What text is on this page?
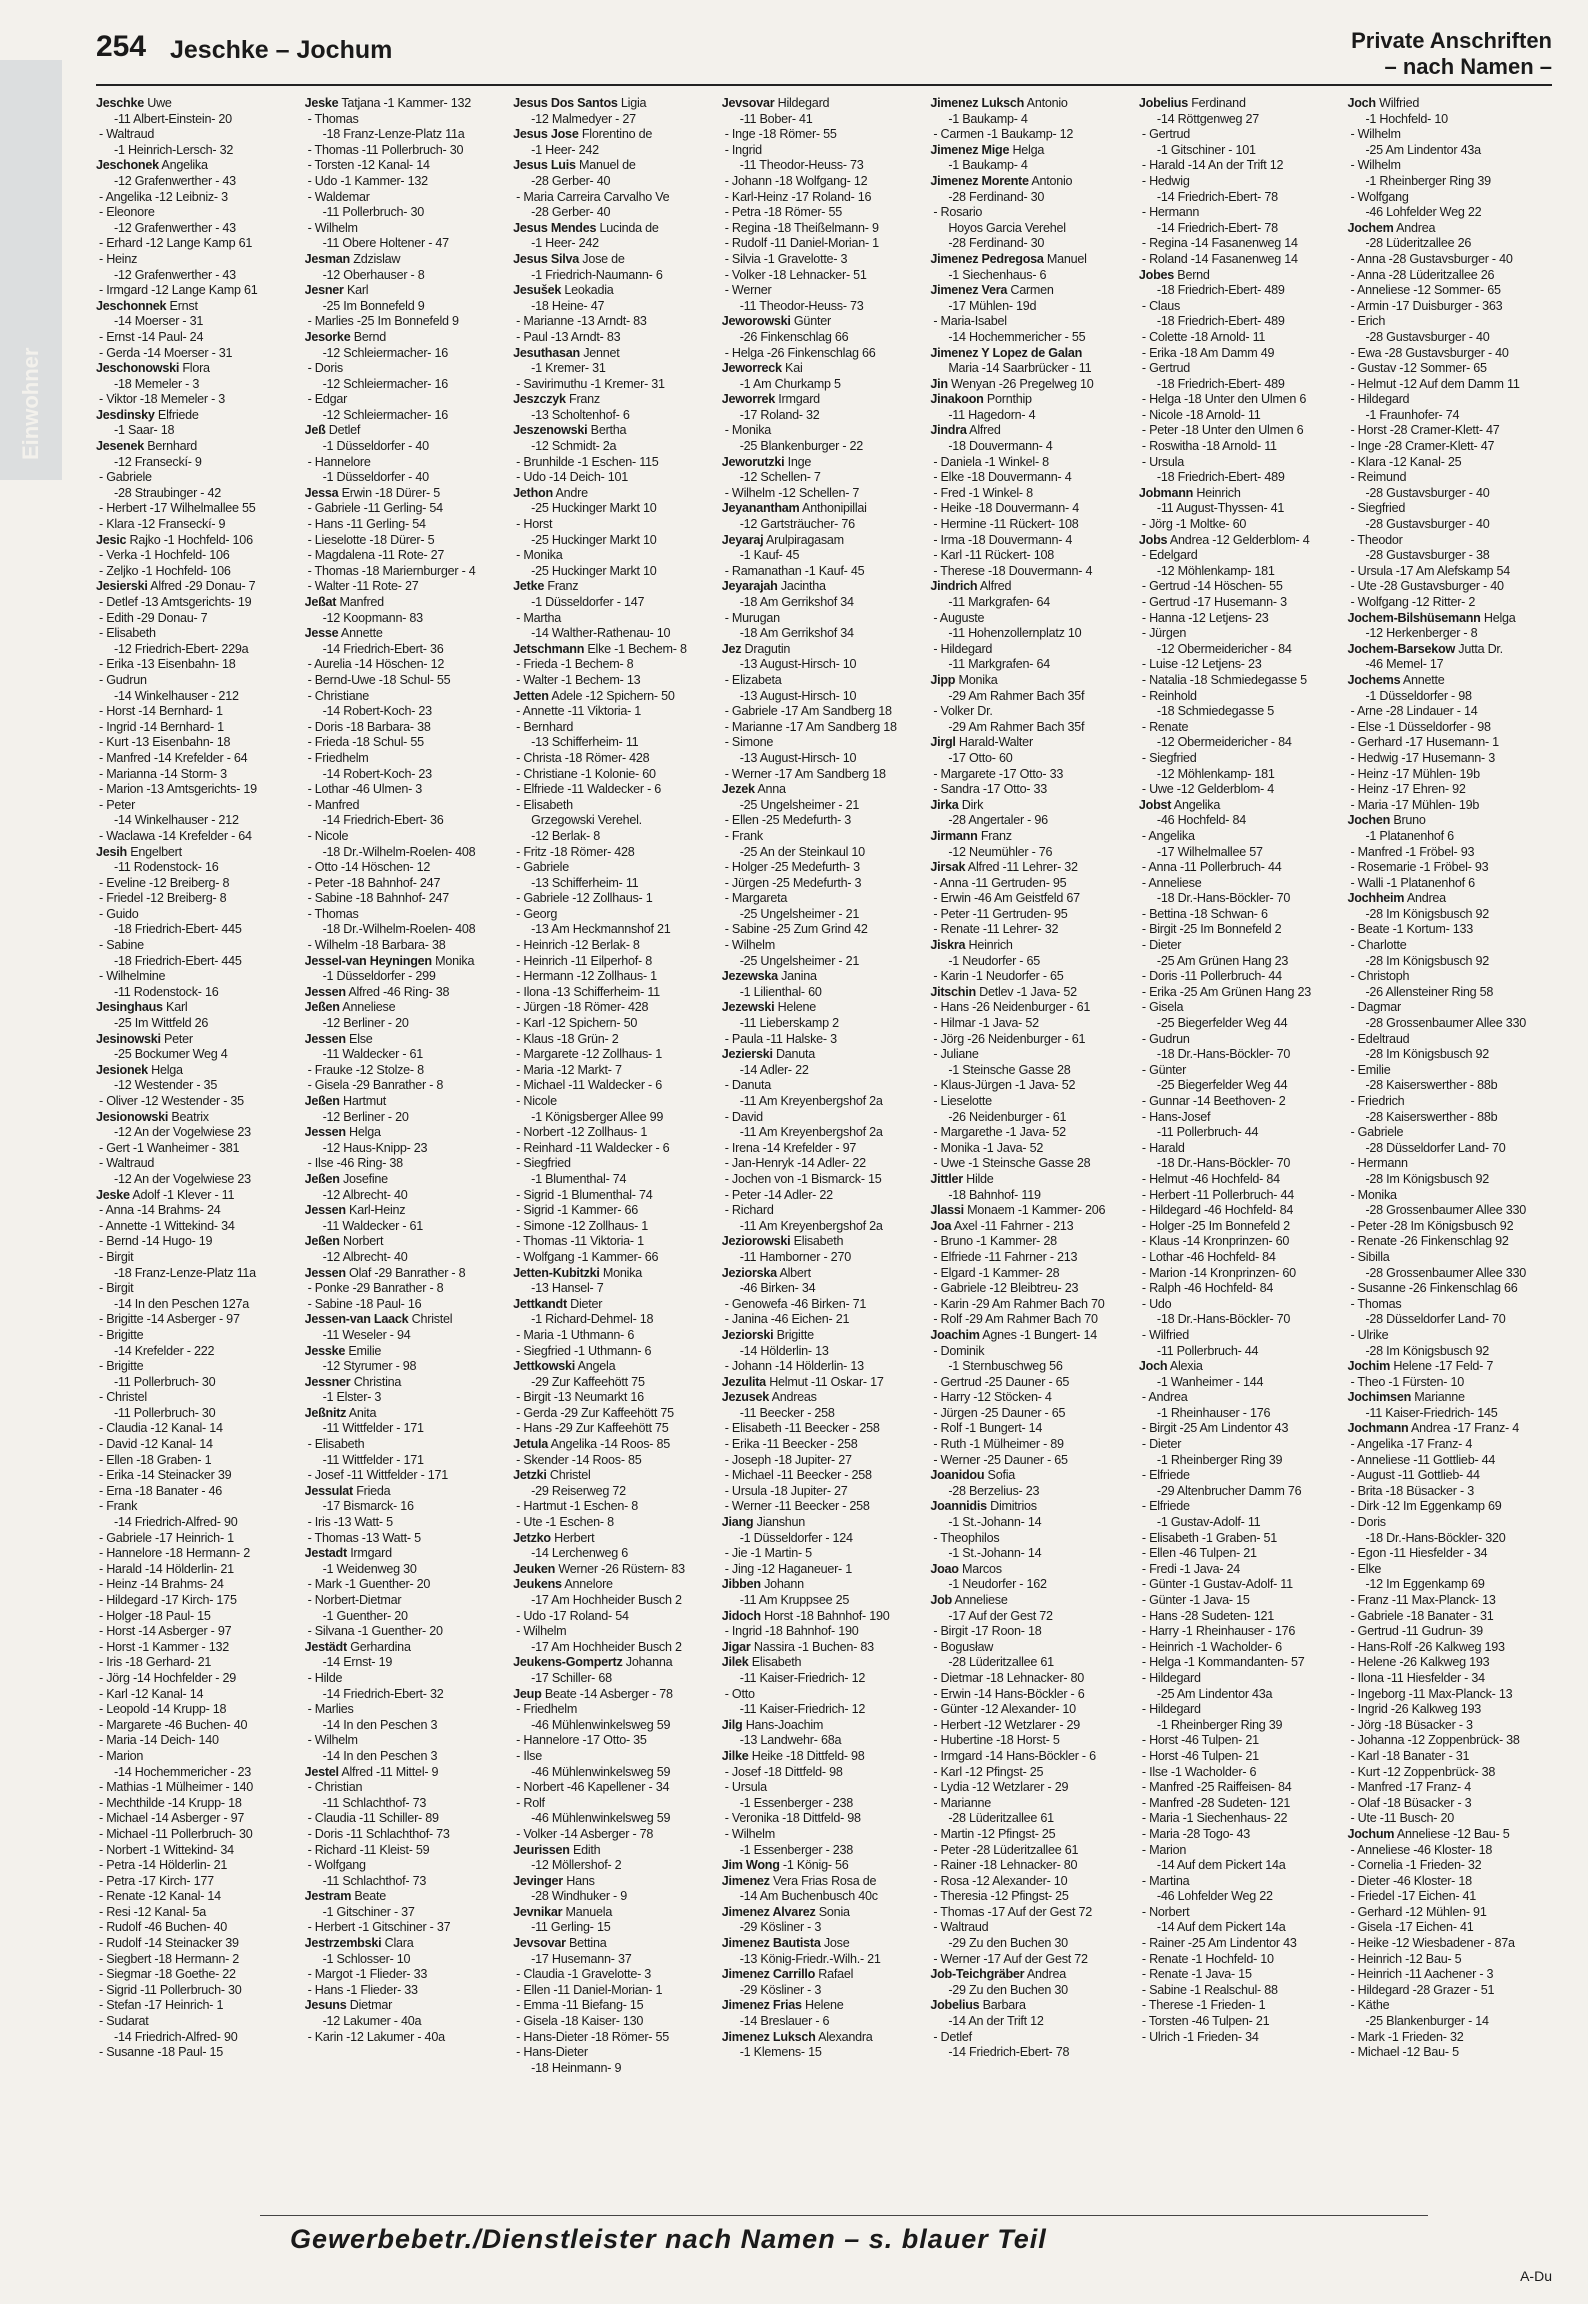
Einwohner
254 Jeschke – Jochum	Private Anschriften
– nach Namen –
Jeschke Uwe
-11 Albert-Einstein- 20
- Waltraud
-1 Heinrich-Lersch- 32
Jeschonek Angelika
-12 Grafenwerther - 43
- Angelika -12 Leibniz- 3
- Eleonore
-12 Grafenwerther - 43
- Erhard -12 Lange Kamp 61
- Heinz
-12 Grafenwerther - 43
- Irmgard -12 Lange Kamp 61
Jeschonnek Ernst
-14 Moerser - 31
- Ernst -14 Paul- 24
- Gerda -14 Moerser - 31
Jeschonowski Flora
-18 Memeler - 3
- Viktor -18 Memeler - 3
Jesdinsky Elfriede
-1 Saar- 18
Jesenek Bernhard
-12 Franseckí- 9
- Gabriele
-28 Straubinger - 42
- Herbert -17 Wilhelmallee 55
- Klara -12 Franseckí- 9
Jesic Rajko -1 Hochfeld- 106
- Verka -1 Hochfeld- 106
- Zeljko -1 Hochfeld- 106
Jesierski Alfred -29 Donau- 7
- Detlef -13 Amtsgerichts- 19
- Edith -29 Donau- 7
- Elisabeth
-12 Friedrich-Ebert- 229a
- Erika -13 Eisenbahn- 18
- Gudrun
-14 Winkelhauser - 212
- Horst -14 Bernhard- 1
- Ingrid -14 Bernhard- 1
- Kurt -13 Eisenbahn- 18
- Manfred -14 Krefelder - 64
- Marianna -14 Storm- 3
- Marion -13 Amtsgerichts- 19
- Peter
-14 Winkelhauser - 212
- Waclawa -14 Krefelder - 64
Jesih Engelbert
-11 Rodenstock- 16
- Eveline -12 Breiberg- 8
- Friedel -12 Breiberg- 8
- Guido
-18 Friedrich-Ebert- 445
- Sabine
-18 Friedrich-Ebert- 445
- Wilhelmine
-11 Rodenstock- 16
Jesinghaus Karl
-25 Im Wittfeld 26
Jesinowski Peter
-25 Bockumer Weg 4
Jesionek Helga
-12 Westender - 35
- Oliver -12 Westender - 35
Jesionowski Beatrix
-12 An der Vogelwiese 23
- Gert -1 Wanheimer - 381
- Waltraud
-12 An der Vogelwiese 23
Jeske Adolf -1 Klever - 11
- Anna -14 Brahms- 24
- Annette -1 Wittekind- 34
- Bernd -14 Hugo- 19
- Birgit
-18 Franz-Lenze-Platz 11a
- Birgit
-14 In den Peschen 127a
- Brigitte -14 Asberger - 97
- Brigitte
-14 Krefelder - 222
- Brigitte
-11 Pollerbruch- 30
- Christel
-11 Pollerbruch- 30
- Claudia -12 Kanal- 14
- David -12 Kanal- 14
- Ellen -18 Graben- 1
- Erika -14 Steinacker 39
- Erna -18 Banater - 46
- Frank
-14 Friedrich-Alfred- 90
- Gabriele -17 Heinrich- 1
- Hannelore -18 Hermann- 2
- Harald -14 Hölderlin- 21
- Heinz -14 Brahms- 24
- Hildegard -17 Kirch- 175
- Holger -18 Paul- 15
- Horst -14 Asberger - 97
- Horst -1 Kammer - 132
- Iris -18 Gerhard- 21
- Jörg -14 Hochfelder - 29
- Karl -12 Kanal- 14
- Leopold -14 Krupp- 18
- Margarete -46 Buchen- 40
- Maria -14 Deich- 140
- Marion
-14 Hochemmericher - 23
- Mathias -1 Mülheimer - 140
- Mechthilde -14 Krupp- 18
- Michael -14 Asberger - 97
- Michael -11 Pollerbruch- 30
- Norbert -1 Wittekind- 34
- Petra -14 Hölderlin- 21
- Petra -17 Kirch- 177
- Renate -12 Kanal- 14
- Resi -12 Kanal- 5a
- Rudolf -46 Buchen- 40
- Rudolf -14 Steinacker 39
- Siegbert -18 Hermann- 2
- Siegmar -18 Goethe- 22
- Sigrid -11 Pollerbruch- 30
- Stefan -17 Heinrich- 1
- Sudarat
-14 Friedrich-Alfred- 90
- Susanne -18 Paul- 15
Jeske Tatjana -1 Kammer- 132
- Thomas
-18 Franz-Lenze-Platz 11a
- Thomas -11 Pollerbruch- 30
- Torsten -12 Kanal- 14
- Udo -1 Kammer- 132
- Waldemar
-11 Pollerbruch- 30
- Wilhelm
-11 Obere Holtener - 47
Jesman Zdzislaw
-12 Oberhauser - 8
Jesner Karl
-25 Im Bonnefeld 9
- Marlies -25 Im Bonnefeld 9
Jesorke Bernd
-12 Schleiermacher- 16
- Doris
-12 Schleiermacher- 16
- Edgar
-12 Schleiermacher- 16
Jeß Detlef
-1 Düsseldorfer - 40
- Hannelore
-1 Düsseldorfer - 40
Jessa Erwin -18 Dürer- 5
- Gabriele -11 Gerling- 54
- Hans -11 Gerling- 54
- Lieselotte -18 Dürer- 5
- Magdalena -11 Rote- 27
- Thomas -18 Mariernburger - 4
- Walter -11 Rote- 27
Jeßat Manfred
-12 Koopmann- 83
Jesse Annette
-14 Friedrich-Ebert- 36
- Aurelia -14 Höschen- 12
- Bernd-Uwe -18 Schul- 55
- Christiane
-14 Robert-Koch- 23
- Doris -18 Barbara- 38
- Frieda -18 Schul- 55
- Friedhelm
-14 Robert-Koch- 23
- Lothar -46 Ulmen- 3
- Manfred
-14 Friedrich-Ebert- 36
- Nicole
-18 Dr.-Wilhelm-Roelen- 408
- Otto -14 Höschen- 12
- Peter -18 Bahnhof- 247
- Sabine -18 Bahnhof- 247
- Thomas
-18 Dr.-Wilhelm-Roelen- 408
- Wilhelm -18 Barbara- 38
Jessel-van Heyningen Monika
-1 Düsseldorfer - 299
Jessen Alfred -46 Ring- 38
Jeßen Anneliese
-12 Berliner - 20
Jessen Else
-11 Waldecker - 61
- Frauke -12 Stolze- 8
- Gisela -29 Banrather - 8
Jeßen Hartmut
-12 Berliner - 20
Jessen Helga
-12 Haus-Knipp- 23
- Ilse -46 Ring- 38
Jeßen Josefine
-12 Albrecht- 40
Jessen Karl-Heinz
-11 Waldecker - 61
Jeßen Norbert
-12 Albrecht- 40
Jessen Olaf -29 Banrather - 8
- Ponke -29 Banrather - 8
- Sabine -18 Paul- 16
Jessen-van Laack Christel
-11 Weseler - 94
Jesske Emilie
-12 Styrumer - 98
Jessner Christina
-1 Elster- 3
Jeßnitz Anita
-11 Wittfelder - 171
- Elisabeth
-11 Wittfelder - 171
- Josef -11 Wittfelder - 171
Jessulat Frieda
-17 Bismarck- 16
- Iris -13 Watt- 5
- Thomas -13 Watt- 5
Jestadt Irmgard
-1 Weidenweg 30
- Mark -1 Guenther- 20
- Norbert-Dietmar
-1 Guenther- 20
- Silvana -1 Guenther- 20
Jestädt Gerhardina
-14 Ernst- 19
- Hilde
-14 Friedrich-Ebert- 32
- Marlies
-14 In den Peschen 3
- Wilhelm
-14 In den Peschen 3
Jestel Alfred -11 Mittel- 9
- Christian
-11 Schlachthof- 73
- Claudia -11 Schiller- 89
- Doris -11 Schlachthof- 73
- Richard -11 Kleist- 59
- Wolfgang
-11 Schlachthof- 73
Jestram Beate
-1 Gitschiner - 37
- Herbert -1 Gitschiner - 37
Jestrzembski Clara
-1 Schlosser- 10
- Margot -1 Flieder- 33
- Hans -1 Flieder- 33
Jesuns Dietmar
-12 Lakumer - 40a
- Karin -12 Lakumer - 40a
Jesus Dos Santos Ligia
-12 Malmedyer - 27
Jesus Jose Florentino de
-1 Heer- 242
Jesus Luis Manuel de
-28 Gerber- 40
- Maria Carreira Carvalho Ve
-28 Gerber- 40
Jesus Mendes Lucinda de
-1 Heer- 242
Jesus Silva Jose de
-1 Friedrich-Naumann- 6
Jesušek Leokadia
-18 Heine- 47
- Marianne -13 Arndt- 83
- Paul -13 Arndt- 83
Jesuthasan Jennet
-1 Kremer- 31
- Savirimuthu -1 Kremer- 31
Jeszczyk Franz
-13 Scholtenhof- 6
Jeszenowski Bertha
-12 Schmidt- 2a
- Brunhilde -1 Eschen- 115
- Udo -14 Deich- 101
Jethon Andre
-25 Huckinger Markt 10
- Horst
-25 Huckinger Markt 10
- Monika
-25 Huckinger Markt 10
Jetke Franz
-1 Düsseldorfer - 147
- Martha
-14 Walther-Rathenau- 10
Jetschmann Elke -1 Bechem- 8
- Frieda -1 Bechem- 8
- Walter -1 Bechem- 13
Jetten Adele -12 Spichern- 50
- Annette -11 Viktoria- 1
- Bernhard
-13 Schifferheim- 11
- Christa -18 Römer- 428
- Christiane -1 Kolonie- 60
- Elfriede -11 Waldecker - 6
- Elisabeth
Grzegowski Verehel.
-12 Berlak- 8
- Fritz -18 Römer- 428
- Gabriele
-13 Schifferheim- 11
- Gabriele -12 Zollhaus- 1
- Georg
-13 Am Heckmannshof 21
- Heinrich -12 Berlak- 8
- Heinrich -11 Eilperhof- 8
- Hermann -12 Zollhaus- 1
- Ilona -13 Schifferheim- 11
- Jürgen -18 Römer- 428
- Karl -12 Spichern- 50
- Klaus -18 Grün- 2
- Margarete -12 Zollhaus- 1
- Maria -12 Markt- 7
- Michael -11 Waldecker - 6
- Nicole
-1 Königsberger Allee 99
- Norbert -12 Zollhaus- 1
- Reinhard -11 Waldecker - 6
- Siegfried
-1 Blumenthal- 74
- Sigrid -1 Blumenthal- 74
- Sigrid -1 Kammer- 66
- Simone -12 Zollhaus- 1
- Thomas -11 Viktoria- 1
- Wolfgang -1 Kammer- 66
Jetten-Kubitzki Monika
-13 Hansel- 7
Jettkandt Dieter
-1 Richard-Dehmel- 18
- Maria -1 Uthmann- 6
- Siegfried -1 Uthmann- 6
Jettkowski Angela
-29 Zur Kaffeehött 75
- Birgit -13 Neumarkt 16
- Gerda -29 Zur Kaffeehött 75
- Hans -29 Zur Kaffeehött 75
Jetula Angelika -14 Roos- 85
- Skender -14 Roos- 85
Jetzki Christel
-29 Reiserweg 72
- Hartmut -1 Eschen- 8
- Ute -1 Eschen- 8
Jetzko Herbert
-14 Lerchenweg 6
Jeuken Werner -26 Rüstern- 83
Jeukens Annelore
-17 Am Hochheider Busch 2
- Udo -17 Roland- 54
- Wilhelm
-17 Am Hochheider Busch 2
Jeukens-Gompertz Johanna
-17 Schiller- 68
Jeup Beate -14 Asberger - 78
- Friedhelm
-46 Mühlenwinkelsweg 59
- Hannelore -17 Otto- 35
- Ilse
-46 Mühlenwinkelsweg 59
- Norbert -46 Kapellener - 34
- Rolf
-46 Mühlenwinkelsweg 59
- Volker -14 Asberger - 78
Jeurissen Edith
-12 Möllershof- 2
Jevinger Hans
-28 Windhuker - 9
Jevnikar Manuela
-11 Gerling- 15
Jevsovar Bettina
-17 Husemann- 37
- Claudia -1 Gravelotte- 3
- Ellen -11 Daniel-Morian- 1
- Emma -11 Biefang- 15
- Gisela -18 Kaiser- 130
- Hans-Dieter -18 Römer- 55
- Hans-Dieter
-18 Heinmann- 9
Jevsovar Hildegard
-11 Bober- 41
- Inge -18 Römer- 55
- Ingrid
-11 Theodor-Heuss- 73
- Johann -18 Wolfgang- 12
- Karl-Heinz -17 Roland- 16
- Petra -18 Römer- 55
- Regina -18 Theißelmann- 9
- Rudolf -11 Daniel-Morian- 1
- Silvia -1 Gravelotte- 3
- Volker -18 Lehnacker- 51
- Werner
-11 Theodor-Heuss- 73
Jeworowski Günter
-26 Finkenschlag 66
- Helga -26 Finkenschlag 66
Jeworreck Kai
-1 Am Churkamp 5
Jeworrek Irmgard
-17 Roland- 32
- Monika
-25 Blankenburger - 22
Jeworutzki Inge
-12 Schellen- 7
- Wilhelm -12 Schellen- 7
Jeyanantham Anthonipillai
-12 Gartsträucher- 76
Jeyaraj Arulpiragasam
-1 Kauf- 45
- Ramanathan -1 Kauf- 45
Jeyarajah Jacintha
-18 Am Gerrikshof 34
- Murugan
-18 Am Gerrikshof 34
Jez Dragutin
-13 August-Hirsch- 10
- Elizabeta
-13 August-Hirsch- 10
- Gabriele -17 Am Sandberg 18
- Marianne -17 Am Sandberg 18
- Simone
-13 August-Hirsch- 10
- Werner -17 Am Sandberg 18
Jezek Anna
-25 Ungelsheimer - 21
- Ellen -25 Medefurth- 3
- Frank
-25 An der Steinkaul 10
- Holger -25 Medefurth- 3
- Jürgen -25 Medefurth- 3
- Margareta
-25 Ungelsheimer - 21
- Sabine -25 Zum Grind 42
- Wilhelm
-25 Ungelsheimer - 21
Jezewska Janina
-1 Lilienthal- 60
Jezewski Helene
-11 Lieberskamp 2
- Paula -11 Halske- 3
Jezierski Danuta
-14 Adler- 22
- Danuta
-11 Am Kreyenbergshof 2a
- David
-11 Am Kreyenbergshof 2a
- Irena -14 Krefelder - 97
- Jan-Henryk -14 Adler- 22
- Jochen von -1 Bismarck- 15
- Peter -14 Adler- 22
- Richard
-11 Am Kreyenbergshof 2a
Jeziorowski Elisabeth
-11 Hamborner - 270
Jeziorska Albert
-46 Birken- 34
- Genowefa -46 Birken- 71
- Janina -46 Eichen- 21
Jeziorski Brigitte
-14 Hölderlin- 13
- Johann -14 Hölderlin- 13
Jezulita Helmut -11 Oskar- 17
Jezusek Andreas
-11 Beecker - 258
- Elisabeth -11 Beecker - 258
- Erika -11 Beecker - 258
- Joseph -18 Jupiter- 27
- Michael -11 Beecker - 258
- Ursula -18 Jupiter- 27
- Werner -11 Beecker - 258
Jiang Jianshun
-1 Düsseldorfer - 124
- Jie -1 Martin- 5
- Jing -12 Haganeuer- 1
Jibben Johann
-11 Am Kruppsee 25
Jidoch Horst -18 Bahnhof- 190
- Ingrid -18 Bahnhof- 190
Jigar Nassira -1 Buchen- 83
Jilek Elisabeth
-11 Kaiser-Friedrich- 12
- Otto
-11 Kaiser-Friedrich- 12
Jilg Hans-Joachim
-13 Landwehr- 68a
Jilke Heike -18 Dittfeld- 98
- Josef -18 Dittfeld- 98
- Ursula
-1 Essenberger - 238
- Veronika -18 Dittfeld- 98
- Wilhelm
-1 Essenberger - 238
Jim Wong -1 König- 56
Jimenez Vera Frias Rosa de
-14 Am Buchenbusch 40c
Jimenez Alvarez Sonia
-29 Kösliner - 3
Jimenez Bautista Jose
-13 König-Friedr.-Wilh.- 21
Jimenez Carrillo Rafael
-29 Kösliner - 3
Jimenez Frias Helene
-14 Breslauer - 6
Jimenez Luksch Alexandra
-1 Klemens- 15
Jimenez Luksch Antonio
-1 Baukamp- 4
- Carmen -1 Baukamp- 12
Jimenez Mige Helga
-1 Baukamp- 4
Jimenez Morente Antonio
-28 Ferdinand- 30
- Rosario
Hoyos Garcia Verehel
-28 Ferdinand- 30
Jimenez Pedregosa Manuel
-1 Siechenhaus- 6
Jimenez Vera Carmen
-17 Mühlen- 19d
- Maria-Isabel
-14 Hochemmericher - 55
Jimenez Y Lopez de Galan
Maria -14 Saarbrücker - 11
Jin Wenyan -26 Pregelweg 10
Jinakoon Pornthip
-11 Hagedorn- 4
Jindra Alfred
-18 Douvermann- 4
- Daniela -1 Winkel- 8
- Elke -18 Douvermann- 4
- Fred -1 Winkel- 8
- Heike -18 Douvermann- 4
- Hermine -11 Rückert- 108
- Irma -18 Douvermann- 4
- Karl -11 Rückert- 108
- Therese -18 Douvermann- 4
Jindrich Alfred
-11 Markgrafen- 64
- Auguste
-11 Hohenzollernplatz 10
- Hildegard
-11 Markgrafen- 64
Jipp Monika
-29 Am Rahmer Bach 35f
- Volker Dr.
-29 Am Rahmer Bach 35f
Jirgl Harald-Walter
-17 Otto- 60
- Margarete -17 Otto- 33
- Sandra -17 Otto- 33
Jirka Dirk
-28 Angertaler - 96
Jirmann Franz
-12 Neumühler - 76
Jirsak Alfred -11 Lehrer- 32
- Anna -11 Gertruden- 95
- Erwin -46 Am Geistfeld 67
- Peter -11 Gertruden- 95
- Renate -11 Lehrer- 32
Jiskra Heinrich
-1 Neudorfer - 65
- Karin -1 Neudorfer - 65
Jitschin Detlev -1 Java- 52
- Hans -26 Neidenburger - 61
- Hilmar -1 Java- 52
- Jörg -26 Neidenburger - 61
- Juliane
-1 Steinsche Gasse 28
- Klaus-Jürgen -1 Java- 52
- Lieselotte
-26 Neidenburger - 61
- Margarethe -1 Java- 52
- Monika -1 Java- 52
- Uwe -1 Steinsche Gasse 28
Jittler Hilde
-18 Bahnhof- 119
Jlassi Monaem -1 Kammer- 206
Joa Axel -11 Fahrner - 213
- Bruno -1 Kammer- 28
- Elfriede -11 Fahrner - 213
- Elgard -1 Kammer- 28
- Gabriele -12 Bleibtreu- 23
- Karin -29 Am Rahmer Bach 70
- Rolf -29 Am Rahmer Bach 70
Joachim Agnes -1 Bungert- 14
- Dominik
-1 Sternbuschweg 56
- Gertrud -25 Dauner - 65
- Harry -12 Stöcken- 4
- Jürgen -25 Dauner - 65
- Rolf -1 Bungert- 14
- Ruth -1 Mülheimer - 89
- Werner -25 Dauner - 65
Joanidou Sofia
-28 Berzelius- 23
Joannidis Dimitrios
-1 St.-Johann- 14
- Theophilos
-1 St.-Johann- 14
Joao Marcos
-1 Neudorfer - 162
Job Anneliese
-17 Auf der Gest 72
- Birgit -17 Roon- 18
- Bogusław
-28 Lüderitzallee 61
- Dietmar -18 Lehnacker- 80
- Erwin -14 Hans-Böckler - 6
- Günter -12 Alexander- 10
- Herbert -12 Wetzlarer - 29
- Hubertine -18 Horst- 5
- Irmgard -14 Hans-Böckler - 6
- Karl -12 Pfingst- 25
- Lydia -12 Wetzlarer - 29
- Marianne
-28 Lüderitzallee 61
- Martin -12 Pfingst- 25
- Peter -28 Lüderitzallee 61
- Rainer -18 Lehnacker- 80
- Rosa -12 Alexander- 10
- Theresia -12 Pfingst- 25
- Thomas -17 Auf der Gest 72
- Waltraud
-29 Zu den Buchen 30
- Werner -17 Auf der Gest 72
Job-Teichgräber Andrea
-29 Zu den Buchen 30
Jobelius Barbara
-14 An der Trift 12
- Detlef
-14 Friedrich-Ebert- 78
Jobelius Ferdinand
-14 Röttgenweg 27
- Gertrud
-1 Gitschiner - 101
- Harald -14 An der Trift 12
- Hedwig
-14 Friedrich-Ebert- 78
- Hermann
-14 Friedrich-Ebert- 78
- Regina -14 Fasanenweg 14
- Roland -14 Fasanenweg 14
Jobes Bernd
-18 Friedrich-Ebert- 489
- Claus
-18 Friedrich-Ebert- 489
- Colette -18 Arnold- 11
- Erika -18 Am Damm 49
- Gertrud
-18 Friedrich-Ebert- 489
- Helga -18 Unter den Ulmen 6
- Nicole -18 Arnold- 11
- Peter -18 Unter den Ulmen 6
- Roswitha -18 Arnold- 11
- Ursula
-18 Friedrich-Ebert- 489
Jobmann Heinrich
-11 August-Thyssen- 41
- Jörg -1 Moltke- 60
Jobs Andrea -12 Gelderblom- 4
- Edelgard
-12 Möhlenkamp- 181
- Gertrud -14 Höschen- 55
- Gertrud -17 Husemann- 3
- Hanna -12 Letjens- 23
- Jürgen
-12 Obermeidericher - 84
- Luise -12 Letjens- 23
- Natalia -18 Schmiedegasse 5
- Reinhold
-18 Schmiedegasse 5
- Renate
-12 Obermeidericher - 84
- Siegfried
-12 Möhlenkamp- 181
- Uwe -12 Gelderblom- 4
Jobst Angelika
-46 Hochfeld- 84
- Angelika
-17 Wilhelmallee 57
- Anna -11 Pollerbruch- 44
- Anneliese
-18 Dr.-Hans-Böckler- 70
- Bettina -18 Schwan- 6
- Birgit -25 Im Bonnefeld 2
- Dieter
-25 Am Grünen Hang 23
- Doris -11 Pollerbruch- 44
- Erika -25 Am Grünen Hang 23
- Gisela
-25 Biegerfelder Weg 44
- Gudrun
-18 Dr.-Hans-Böckler- 70
- Günter
-25 Biegerfelder Weg 44
- Gunnar -14 Beethoven- 2
- Hans-Josef
-11 Pollerbruch- 44
- Harald
-18 Dr.-Hans-Böckler- 70
- Helmut -46 Hochfeld- 84
- Herbert -11 Pollerbruch- 44
- Hildegard -46 Hochfeld- 84
- Holger -25 Im Bonnefeld 2
- Klaus -14 Kronprinzen- 60
- Lothar -46 Hochfeld- 84
- Marion -14 Kronprinzen- 60
- Ralph -46 Hochfeld- 84
- Udo
-18 Dr.-Hans-Böckler- 70
- Wilfried
-11 Pollerbruch- 44
Joch Alexia
-1 Wanheimer - 144
- Andrea
-1 Rheinhauser - 176
- Birgit -25 Am Lindentor 43
- Dieter
-1 Rheinberger Ring 39
- Elfriede
-29 Altenbrucher Damm 76
- Elfriede
-1 Gustav-Adolf- 11
- Elisabeth -1 Graben- 51
- Ellen -46 Tulpen- 21
- Fredi -1 Java- 24
- Günter -1 Gustav-Adolf- 11
- Günter -1 Java- 15
- Hans -28 Sudeten- 121
- Harry -1 Rheinhauser - 176
- Heinrich -1 Wacholder- 6
- Helga -1 Kommandanten- 57
- Hildegard
-25 Am Lindentor 43a
- Hildegard
-1 Rheinberger Ring 39
- Horst -46 Tulpen- 21
- Horst -46 Tulpen- 21
- Ilse -1 Wacholder- 6
- Manfred -25 Raiffeisen- 84
- Manfred -28 Sudeten- 121
- Maria -1 Siechenhaus- 22
- Maria -28 Togo- 43
- Marion
-14 Auf dem Pickert 14a
- Martina
-46 Lohfelder Weg 22
- Norbert
-14 Auf dem Pickert 14a
- Rainer -25 Am Lindentor 43
- Renate -1 Hochfeld- 10
- Renate -1 Java- 15
- Sabine -1 Realschul- 88
- Therese -1 Frieden- 1
- Torsten -46 Tulpen- 21
- Ulrich -1 Frieden- 34
Joch Wilfried
-1 Hochfeld- 10
- Wilhelm
-25 Am Lindentor 43a
- Wilhelm
-1 Rheinberger Ring 39
- Wolfgang
-46 Lohfelder Weg 22
Jochem Andrea
-28 Lüderitzallee 26
- Anna -28 Gustavsburger - 40
- Anna -28 Lüderitzallee 26
- Anneliese -12 Sommer- 65
- Armin -17 Duisburger - 363
- Erich
-28 Gustavsburger - 40
- Ewa -28 Gustavsburger - 40
- Gustav -12 Sommer- 65
- Helmut -12 Auf dem Damm 11
- Hildegard
-1 Fraunhofer- 74
- Horst -28 Cramer-Klett- 47
- Inge -28 Cramer-Klett- 47
- Klara -12 Kanal- 25
- Reimund
-28 Gustavsburger - 40
- Siegfried
-28 Gustavsburger - 40
- Theodor
-28 Gustavsburger - 38
- Ursula -17 Am Alefskamp 54
- Ute -28 Gustavsburger - 40
- Wolfgang -12 Ritter- 2
Jochem-Bilshüsemann Helga
-12 Herkenberger - 8
Jochem-Barsekow Jutta Dr.
-46 Memel- 17
Jochems Annette
-1 Düsseldorfer - 98
- Arne -28 Lindauer - 14
- Else -1 Düsseldorfer - 98
- Gerhard -17 Husemann- 1
- Hedwig -17 Husemann- 3
- Heinz -17 Mühlen- 19b
- Heinz -17 Ehren- 92
- Maria -17 Mühlen- 19b
Jochen Bruno
-1 Platanenhof 6
- Manfred -1 Fröbel- 93
- Rosemarie -1 Fröbel- 93
- Walli -1 Platanenhof 6
Jochheim Andrea
-28 Im Königsbusch 92
- Beate -1 Kortum- 133
- Charlotte
-28 Im Königsbusch 92
- Christoph
-26 Allensteiner Ring 58
- Dagmar
-28 Grossenbaumer Allee 330
- Edeltraud
-28 Im Königsbusch 92
- Emilie
-28 Kaiserswerther - 88b
- Friedrich
-28 Kaiserswerther - 88b
- Gabriele
-28 Düsseldorfer Land- 70
- Hermann
-28 Im Königsbusch 92
- Monika
-28 Grossenbaumer Allee 330
- Peter -28 Im Königsbusch 92
- Renate -26 Finkenschlag 92
- Sibilla
-28 Grossenbaumer Allee 330
- Susanne -26 Finkenschlag 66
- Thomas
-28 Düsseldorfer Land- 70
- Ulrike
-28 Im Königsbusch 92
Jochim Helene -17 Feld- 7
- Theo -1 Fürsten- 10
Jochimsen Marianne
-11 Kaiser-Friedrich- 145
Jochmann Andrea -17 Franz- 4
- Angelika -17 Franz- 4
- Anneliese -11 Gottlieb- 44
- August -11 Gottlieb- 44
- Brita -18 Büsacker - 3
- Dirk -12 Im Eggenkamp 69
- Doris
-18 Dr.-Hans-Böckler- 320
- Egon -11 Hiesfelder - 34
- Elke
-12 Im Eggenkamp 69
- Franz -11 Max-Planck- 13
- Gabriele -18 Banater - 31
- Gertrud -11 Gudrun- 39
- Hans-Rolf -26 Kalkweg 193
- Helene -26 Kalkweg 193
- Ilona -11 Hiesfelder - 34
- Ingeborg -11 Max-Planck- 13
- Ingrid -26 Kalkweg 193
- Jörg -18 Büsacker - 3
- Johanna -12 Zoppenbrück- 38
- Karl -18 Banater - 31
- Kurt -12 Zoppenbrück- 38
- Manfred -17 Franz- 4
- Olaf -18 Büsacker - 3
- Ute -11 Busch- 20
Jochum Anneliese -12 Bau- 5
- Anneliese -46 Kloster- 18
- Cornelia -1 Frieden- 32
- Dieter -46 Kloster- 18
- Friedel -17 Eichen- 41
- Gerhard -12 Mühlen- 91
- Gisela -17 Eichen- 41
- Heike -12 Wiesbadener - 87a
- Heinrich -12 Bau- 5
- Heinrich -11 Aachener - 3
- Hildegard -28 Grazer - 51
- Käthe
-25 Blankenburger - 14
- Mark -1 Frieden- 32
- Michael -12 Bau- 5
Gewerbebetr./Dienstleister nach Namen – s. blauer Teil
A-Du
